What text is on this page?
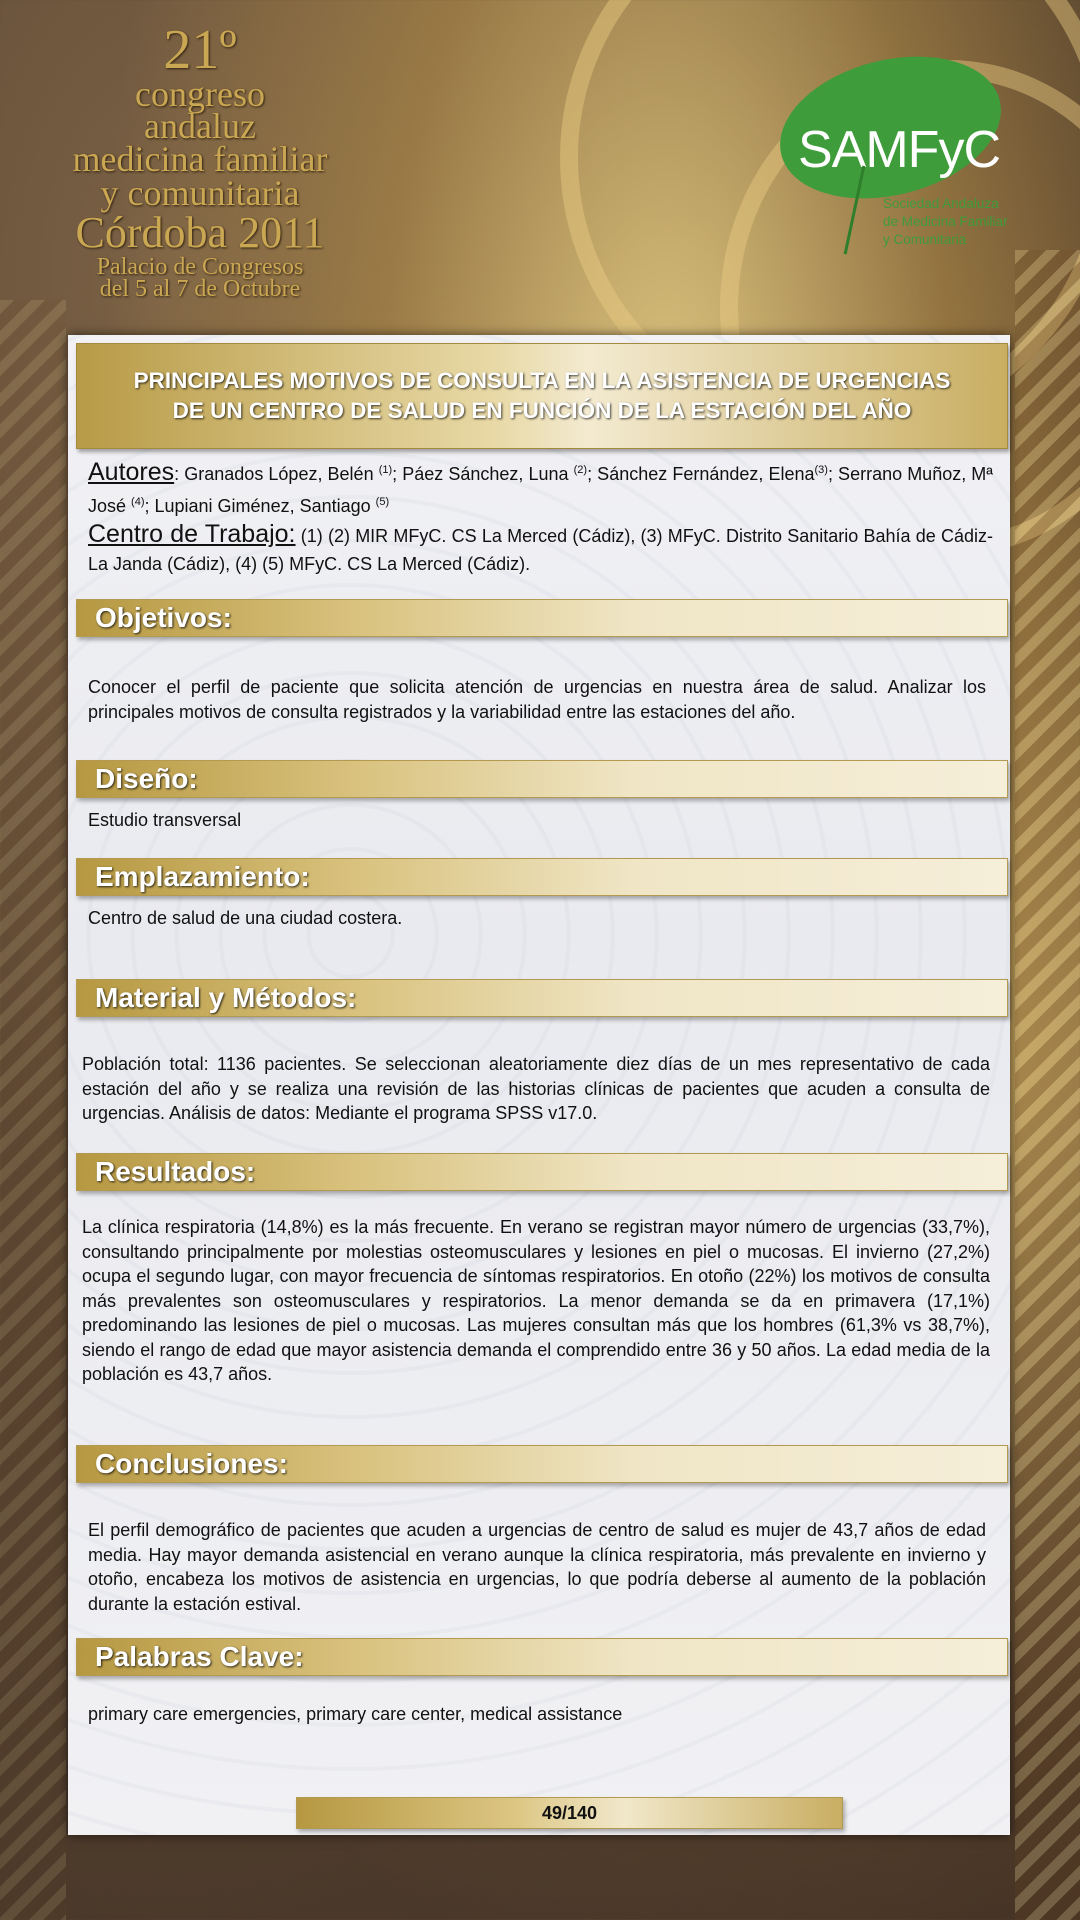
21º
congreso
andaluz
medicina familiar
y comunitaria
Córdoba 2011
Palacio de Congresos
del 5 al 7 de Octubre
SAMFyC
Sociedad Andaluza
de Medicina Familiar
y Comunitaria
PRINCIPALES MOTIVOS DE CONSULTA EN LA ASISTENCIA DE URGENCIAS DE UN CENTRO DE SALUD EN FUNCIÓN DE LA ESTACIÓN DEL AÑO
Autores: Granados López, Belén $^{(1)}$; Páez Sánchez, Luna $^{(2)}$; Sánchez Fernández, Elena$^{(3)}$; Serrano Muñoz, Mª José $^{(4)}$; Lupiani Giménez, Santiago $^{(5)}$
Centro de Trabajo: (1) (2) MIR MFyC. CS La Merced (Cádiz), (3) MFyC. Distrito Sanitario Bahía de Cádiz-La Janda (Cádiz), (4) (5) MFyC. CS La Merced (Cádiz).
Objetivos:
Conocer el perfil de paciente que solicita atención de urgencias en nuestra área de salud. Analizar los principales motivos de consulta registrados y la variabilidad entre las estaciones del año.
Diseño:
Estudio transversal
Emplazamiento:
Centro de salud de una ciudad costera.
Material y Métodos:
Población total: 1136 pacientes. Se seleccionan aleatoriamente diez días de un mes representativo de cada estación del año y se realiza una revisión de las historias clínicas de pacientes que acuden a consulta de urgencias. Análisis de datos: Mediante el programa SPSS v17.0.
Resultados:
La clínica respiratoria (14,8%) es la más frecuente. En verano se registran mayor número de urgencias (33,7%), consultando principalmente por molestias osteomusculares y lesiones en piel o mucosas. El invierno (27,2%) ocupa el segundo lugar, con mayor frecuencia de síntomas respiratorios. En otoño (22%) los motivos de consulta más prevalentes son osteomusculares y respiratorios. La menor demanda se da en primavera (17,1%) predominando las lesiones de piel o mucosas. Las mujeres consultan más que los hombres (61,3% vs 38,7%), siendo el rango de edad que mayor asistencia demanda el comprendido entre 36 y 50 años. La edad media de la población es 43,7 años.
Conclusiones:
El perfil demográfico de pacientes que acuden a urgencias de centro de salud es mujer de 43,7 años de edad media. Hay mayor demanda asistencial en verano aunque la clínica respiratoria, más prevalente en invierno y otoño, encabeza los motivos de asistencia en urgencias, lo que podría deberse al aumento de la población durante la estación estival.
Palabras Clave:
primary care emergencies, primary care center, medical assistance
49/140
